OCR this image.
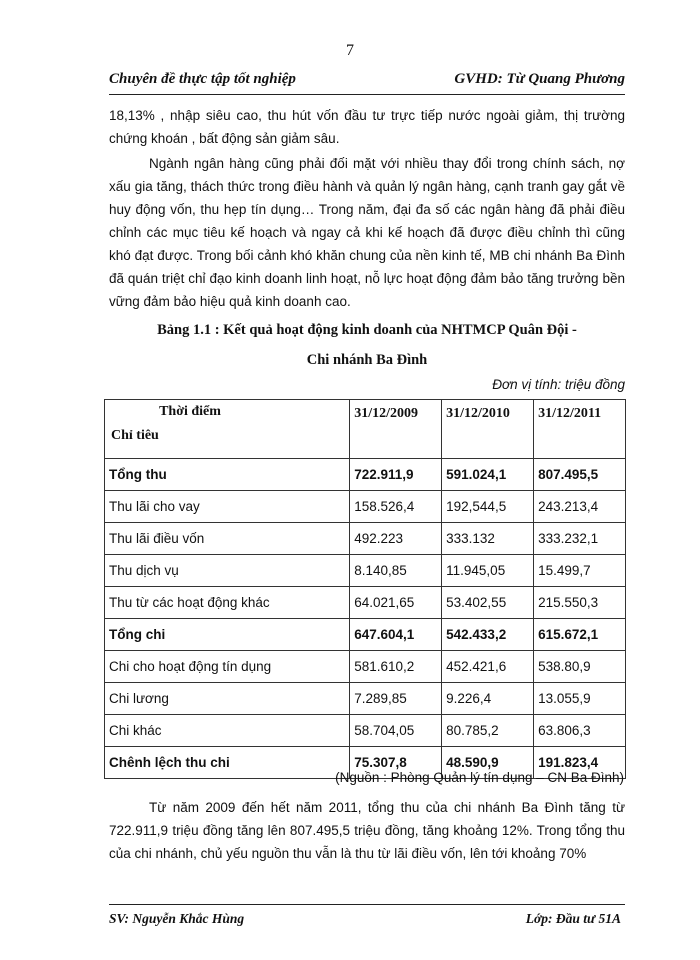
7
Chuyên đề thực tập tốt nghiệp	GVHD: Từ Quang Phương

18,13% , nhập siêu cao, thu hút vốn đầu tư trực tiếp nước ngoài giảm, thị trường chứng khoán , bất động sản giảm sâu.

Ngành ngân hàng cũng phải đối mặt với nhiều thay đổi trong chính sách, nợ xấu gia tăng, thách thức trong điều hành và quản lý ngân hàng, cạnh tranh gay gắt về huy động vốn, thu hẹp tín dụng… Trong năm, đại đa số các ngân hàng đã phải điều chỉnh các mục tiêu kế hoạch và ngay cả khi kế hoạch đã được điều chỉnh thì cũng khó đạt được. Trong bối cảnh khó khăn chung của nền kinh tế, MB chi nhánh Ba Đình đã quán triệt chỉ đạo kinh doanh linh hoạt, nỗ lực hoạt động đảm bảo tăng trưởng bền vững đảm bảo hiệu quả kinh doanh cao.

Bảng 1.1 : Kết quả hoạt động kinh doanh của NHTMCP Quân Đội -
Chi nhánh Ba Đình
Đơn vị tính: triệu đồng
Thời điểm
Chỉ tiêu	31/12/2009	31/12/2010	31/12/2011
Tổng thu	722.911,9	591.024,1	807.495,5
Thu lãi cho vay	158.526,4	192,544,5	243.213,4
Thu lãi điều vốn	492.223	333.132	333.232,1
Thu dịch vụ	8.140,85	11.945,05	15.499,7
Thu từ các hoạt động khác	64.021,65	53.402,55	215.550,3
Tổng chi	647.604,1	542.433,2	615.672,1
Chi cho hoạt động tín dụng	581.610,2	452.421,6	538.80,9
Chi lương	7.289,85	9.226,4	13.055,9
Chi khác	58.704,05	80.785,2	63.806,3
Chênh lệch thu chi	75.307,8	48.590,9	191.823,4
(Nguồn : Phòng Quản lý tín dụng – CN Ba Đình)

Từ năm 2009 đến hết năm 2011, tổng thu của chi nhánh Ba Đình tăng từ 722.911,9 triệu đồng tăng lên 807.495,5 triệu đồng, tăng khoảng 12%. Trong tổng thu của chi nhánh, chủ yếu nguồn thu vẫn là thu từ lãi điều vốn, lên tới khoảng 70%

SV: Nguyễn Khắc Hùng	Lớp: Đầu tư 51A
